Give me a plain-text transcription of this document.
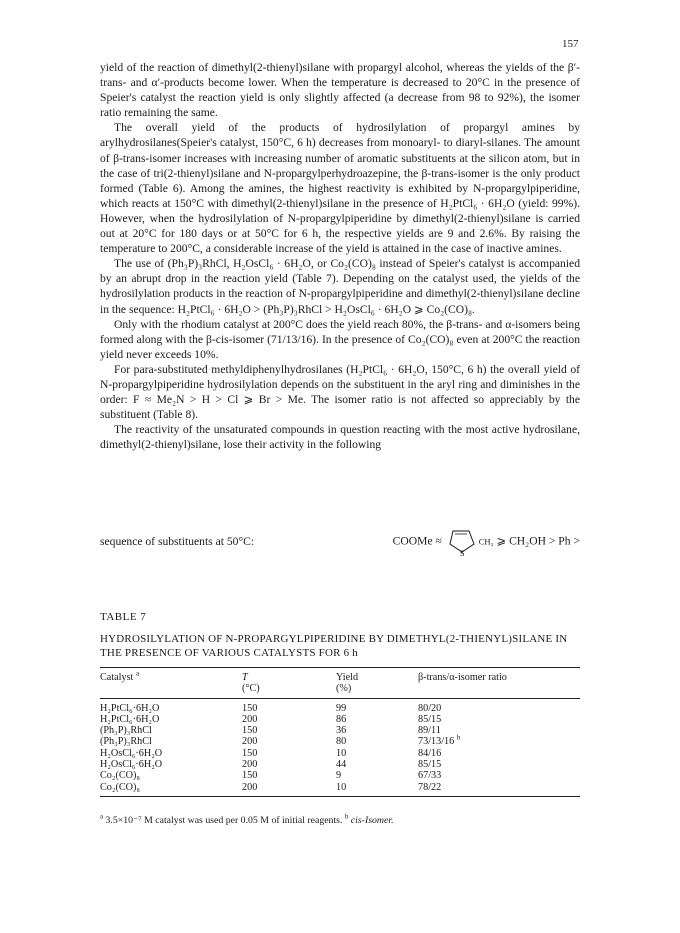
157

yield of the reaction of dimethyl(2-thienyl)silane with propargyl alcohol, whereas the yields of the β′-trans- and α′-products become lower. When the temperature is decreased to 20°C in the presence of Speier's catalyst the reaction yield is only slightly affected (a decrease from 98 to 92%), the isomer ratio remaining the same.

The overall yield of the products of hydrosilylation of propargyl amines by arylhydrosilanes(Speier's catalyst, 150°C, 6 h) decreases from monoaryl- to diaryl-silanes. The amount of β-trans-isomer increases with increasing number of aromatic substituents at the silicon atom, but in the case of tri(2-thienyl)silane and N-propargylperhydroazepine, the β-trans-isomer is the only product formed (Table 6). Among the amines, the highest reactivity is exhibited by N-propargylpiperidine, which reacts at 150°C with dimethyl(2-thienyl)silane in the presence of H₂PtCl₆ · 6H₂O (yield: 99%). However, when the hydrosilylation of N-propargylpiperidine by dimethyl(2-thienyl)silane is carried out at 20°C for 180 days or at 50°C for 6 h, the respective yields are 9 and 2.6%. By raising the temperature to 200°C, a considerable increase of the yield is attained in the case of inactive amines.

The use of (Ph₃P)₃RhCl, H₂OsCl₆ · 6H₂O, or Co₂(CO)₈ instead of Speier's catalyst is accompanied by an abrupt drop in the reaction yield (Table 7). Depending on the catalyst used, the yields of the hydrosilylation products in the reaction of N-propargylpiperidine and dimethyl(2-thienyl)silane decline in the sequence: H₂PtCl₆ · 6H₂O > (Ph₃P)₃RhCl > H₂OsCl₆ · 6H₂O ⩾ Co₂(CO)₈.

Only with the rhodium catalyst at 200°C does the yield reach 80%, the β-trans- and α-isomers being formed along with the β-cis-isomer (71/13/16). In the presence of Co₂(CO)₈ even at 200°C the reaction yield never exceeds 10%.

For para-substituted methyldiphenylhydrosilanes (H₂PtCl₆ · 6H₂O, 150°C, 6 h) the overall yield of N-propargylpiperidine hydrosilylation depends on the substituent in the aryl ring and diminishes in the order: F ≈ Me₂N > H > Cl ⩾ Br > Me. The isomer ratio is not affected so appreciably by the substituent (Table 8).

The reactivity of the unsaturated compounds in question reacting with the most active hydrosilane, dimethyl(2-thienyl)silane, lose their activity in the following

sequence of substituents at 50°C:	COOMe ≈
S
CH₂ ⩾ CH₂OH > Ph >
TABLE 7
HYDROSILYLATION OF N-PROPARGYLPIPERIDINE BY DIMETHYL(2-THIENYL)SILANE IN THE PRESENCE OF VARIOUS CATALYSTS FOR 6 h
Catalyst $^a$	T	Yield	β-trans/α-isomer ratio
	(°C)	(%)	
H₂PtCl₆·6H₂O	150	99	80/20
H₂PtCl₆·6H₂O	200	86	85/15
(Ph₃P)₃RhCl	150	36	89/11
(Ph₃P)₃RhCl	200	80	73/13/16 $^b$
H₂OsCl₆·6H₂O	150	10	84/16
H₂OsCl₆·6H₂O	200	44	85/15
Co₂(CO)₈	150	9	67/33
Co₂(CO)₈	200	10	78/22
$^a$ 3.5×10⁻⁷ M catalyst was used per 0.05 M of initial reagents. $^b$ cis-Isomer.
